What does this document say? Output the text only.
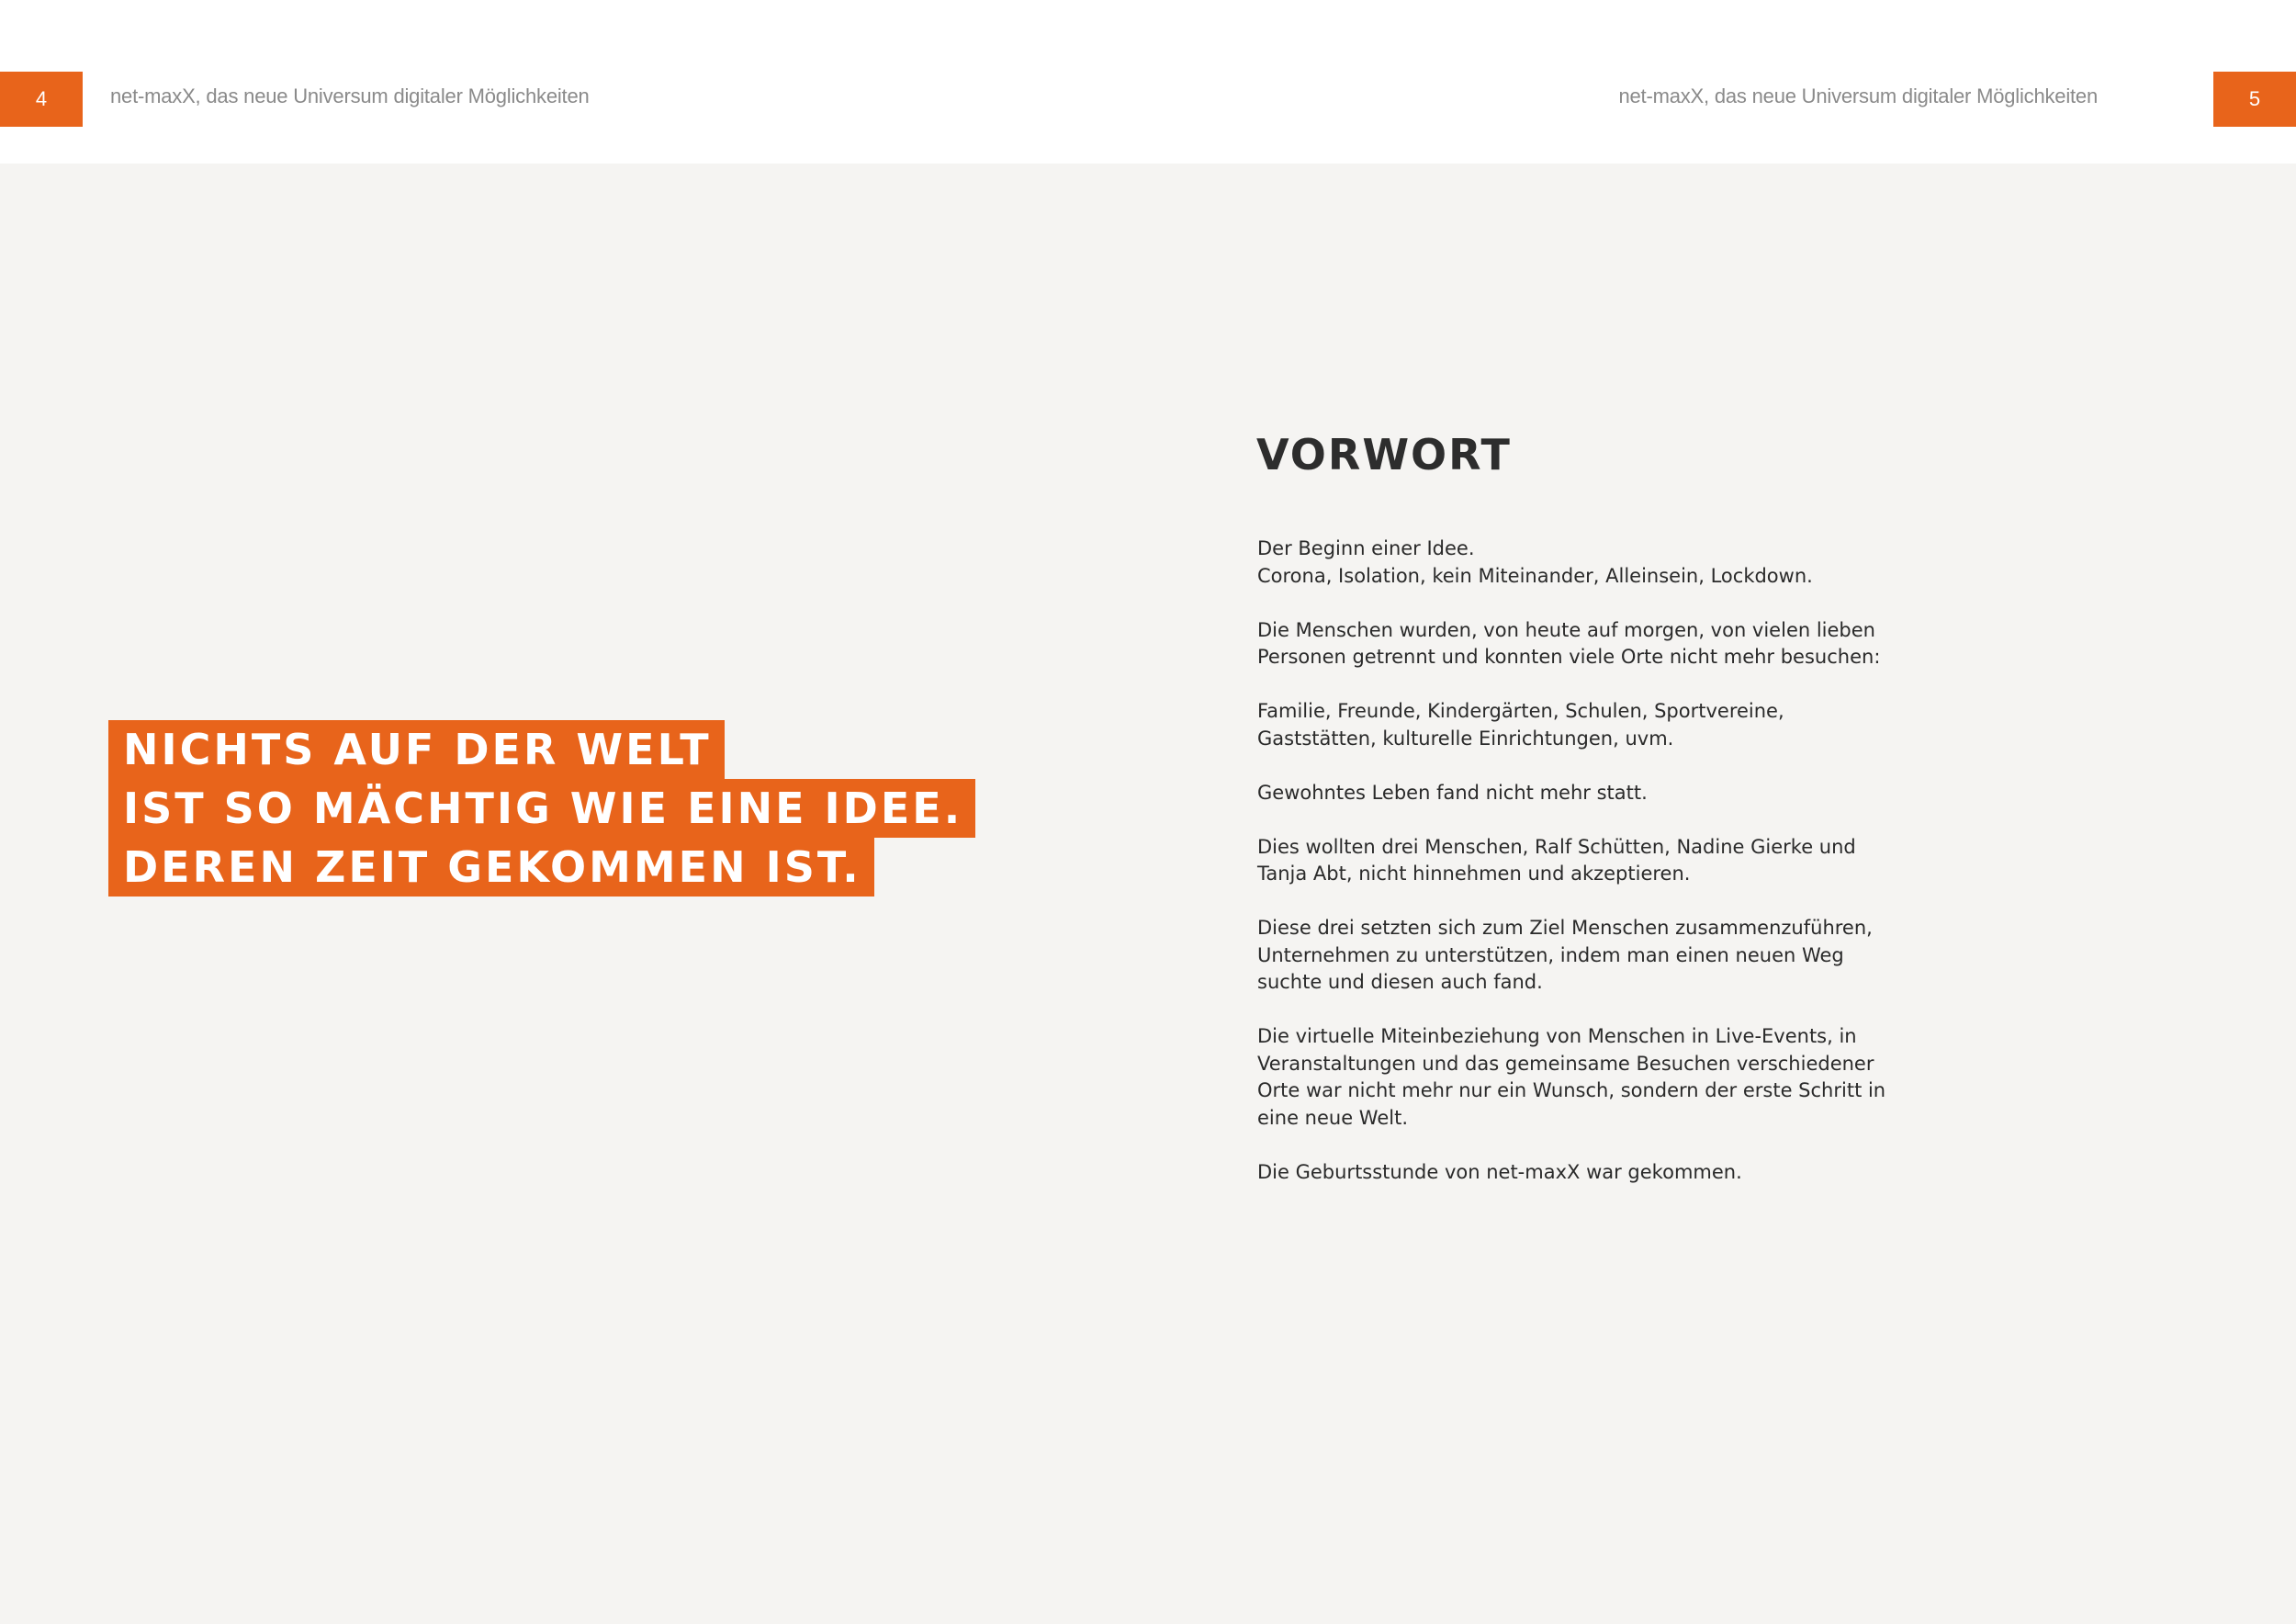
4	net-maxX, das neue Universum digitaler Möglichkeiten	net-maxX, das neue Universum digitaler Möglichkeiten	5
NICHTS AUF DER WELT
IST SO MÄCHTIG WIE EINE IDEE.
DEREN ZEIT GEKOMMEN IST.
VORWORT

Der Beginn einer Idee.
Corona, Isolation, kein Miteinander, Alleinsein, Lockdown.

Die Menschen wurden, von heute auf morgen, von vielen lieben
Personen getrennt und konnten viele Orte nicht mehr besuchen:

Familie, Freunde, Kindergärten, Schulen, Sportvereine,
Gaststätten, kulturelle Einrichtungen, uvm.

Gewohntes Leben fand nicht mehr statt.

Dies wollten drei Menschen, Ralf Schütten, Nadine Gierke und
Tanja Abt, nicht hinnehmen und akzeptieren.

Diese drei setzten sich zum Ziel Menschen zusammenzuführen,
Unternehmen zu unterstützen, indem man einen neuen Weg
suchte und diesen auch fand.

Die virtuelle Miteinbeziehung von Menschen in Live-Events, in
Veranstaltungen und das gemeinsame Besuchen verschiedener
Orte war nicht mehr nur ein Wunsch, sondern der erste Schritt in
eine neue Welt.

Die Geburtsstunde von net-maxX war gekommen.
